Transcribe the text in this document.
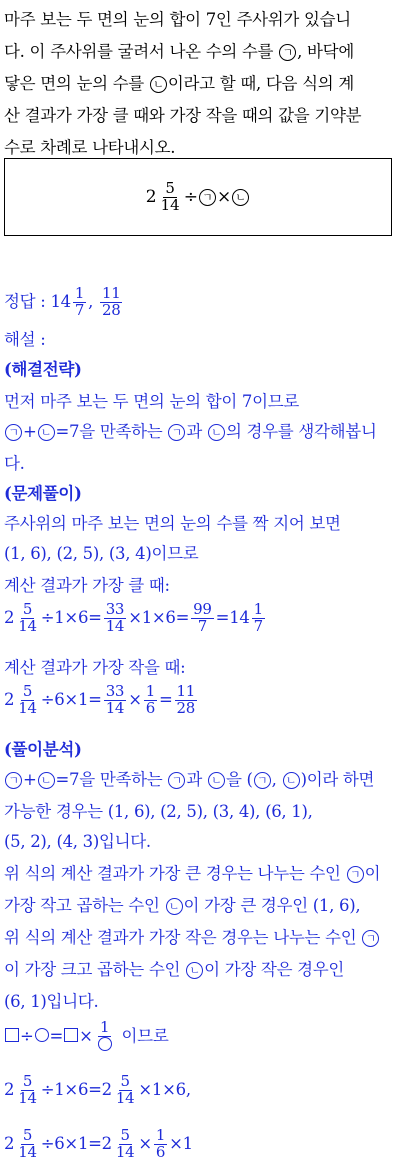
마주 보는 두 면의 눈의 합이 7인 주사위가 있습니
다. 이 주사위를 굴려서 나온 수의 수를 ㄱ , 바닥에
닿은 면의 눈의 수를 ㄴ 이라고 할 때, 다음 식의 계
산 결과가 가장 클 때와 가장 작을 때의 값을 기약분
수로 차례로 나타내시오.
$2 \frac{5}{14}$ ÷ ㄱ × ㄴ
정답 : $14 \frac{1}{7}$ , $\frac{11}{28}$
해설 :
(해결전략)
먼저 마주 보는 두 면의 눈의 합이 7이므로
ㄱ + ㄴ =7을 만족하는 ㄱ 과 ㄴ 의 경우를 생각해봅니
다.
(문제풀이)
주사위의 마주 보는 면의 눈의 수를 짝 지어 보면
(1, 6), (2, 5), (3, 4)이므로
계산 결과가 가장 클 때:
$2 \frac{5}{14} \div 1\times 6= \frac{33}{14} \times 1\times 6= \frac{99}{7} =14 \frac{1}{7}$
계산 결과가 가장 작을 때:
$2 \frac{5}{14} \div 6\times 1= \frac{33}{14} \times \frac{1}{6} = \frac{11}{28}$
(풀이분석)
ㄱ + ㄴ =7을 만족하는 ㄱ 과 ㄴ 을 ( ㄱ , ㄴ )이라 하면
가능한 경우는 (1, 6), (2, 5), (3, 4), (6, 1),
(5, 2), (4, 3)입니다.
위 식의 계산 결과가 가장 큰 경우는 나누는 수인 ㄱ 이
가장 작고 곱하는 수인 ㄴ 이 가장 큰 경우인 (1, 6),
위 식의 계산 결과가 가장 작은 경우는 나누는 수인 ㄱ
이 가장 크고 곱하는 수인 ㄴ 이 가장 작은 경우인
(6, 1)입니다.
÷ = × 1 이므로
$2 \frac{5}{14} \div 1\times 6=2 \frac{5}{14} \times 1\times 6$,
$2 \frac{5}{14} \div 6\times 1=2 \frac{5}{14} \times \frac{1}{6} \times 1$
